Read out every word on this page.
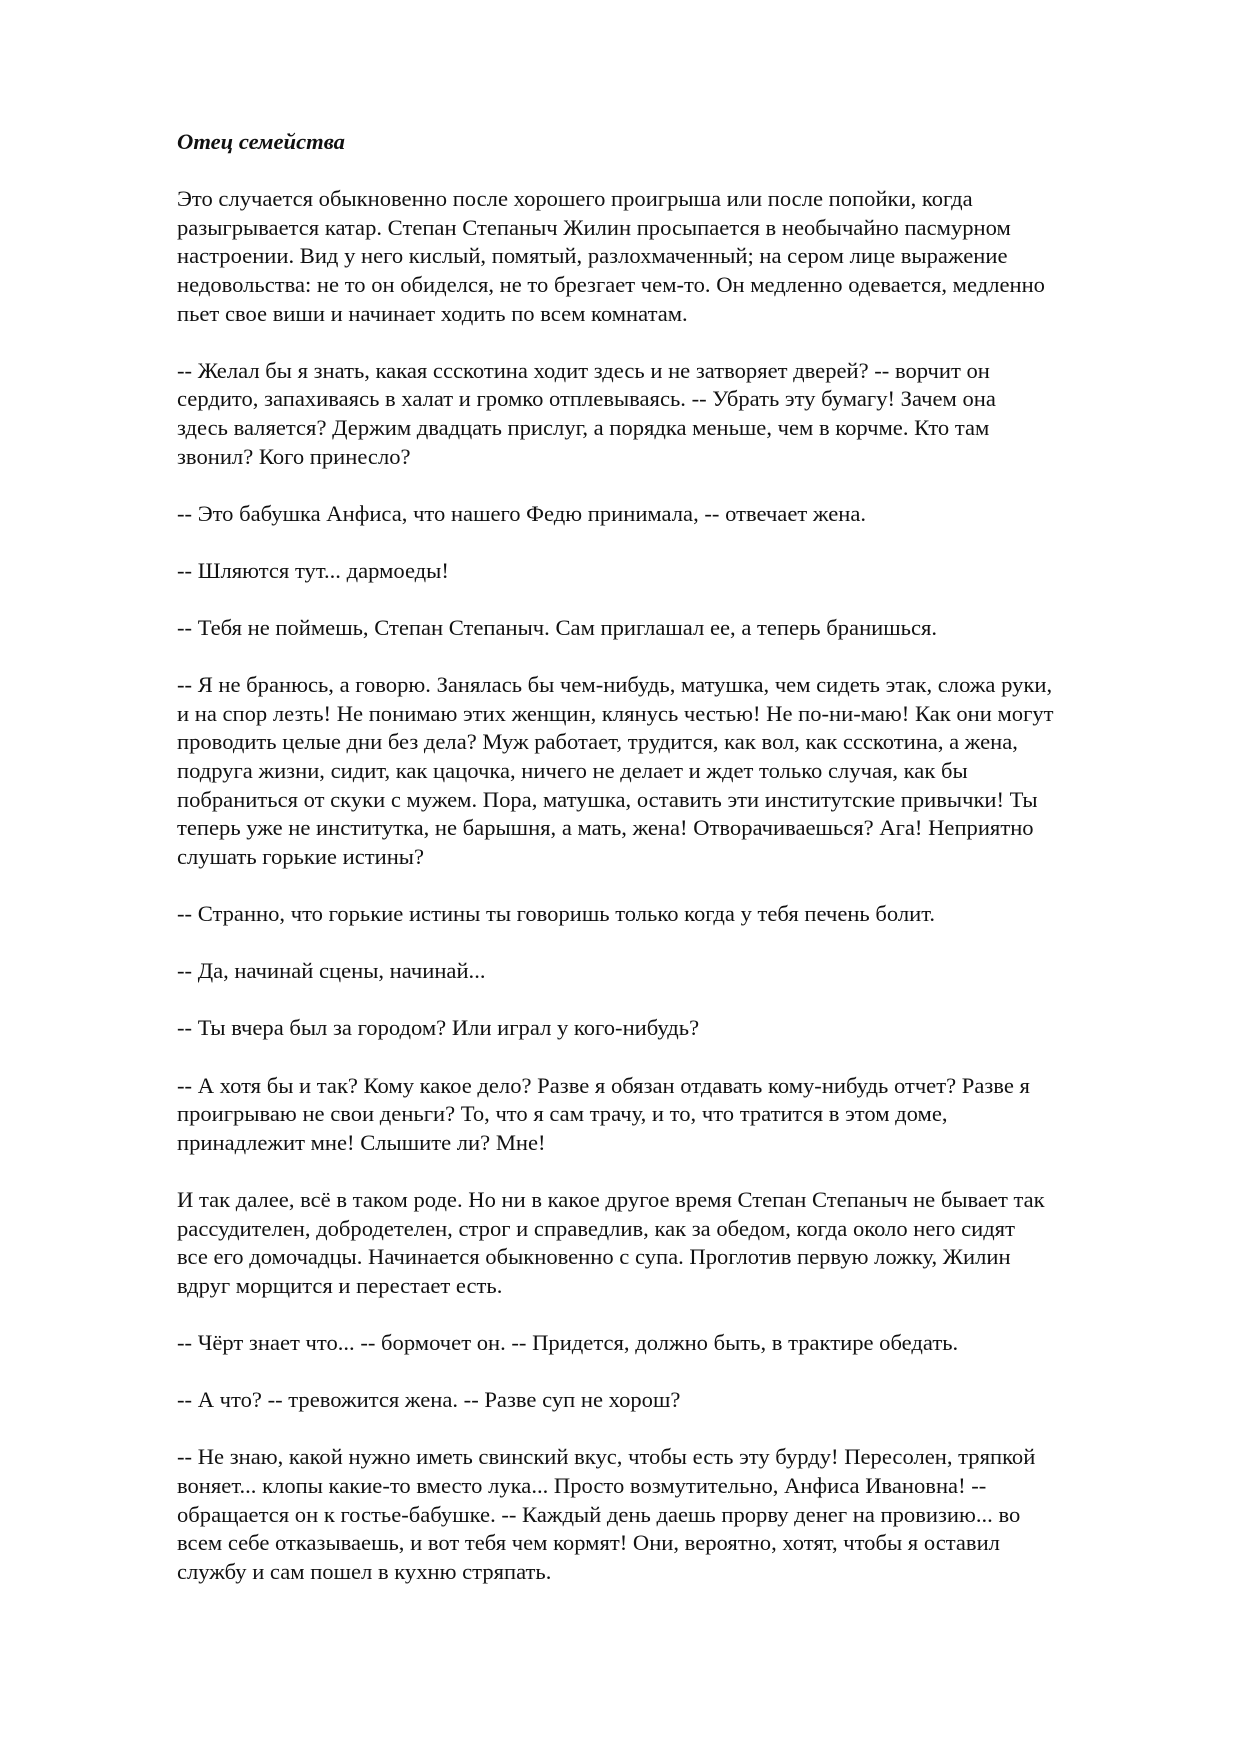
Отец семейства
Это случается обыкновенно после хорошего проигрыша или после попойки, когда
разыгрывается катар. Степан Степаныч Жилин просыпается в необычайно пасмурном
настроении. Вид у него кислый, помятый, разлохмаченный; на сером лице выражение
недовольства: не то он обиделся, не то брезгает чем-то. Он медленно одевается, медленно
пьет свое виши и начинает ходить по всем комнатам.
-- Желал бы я знать, какая ссскотина ходит здесь и не затворяет дверей? -- ворчит он
сердито, запахиваясь в халат и громко отплевываясь. -- Убрать эту бумагу! Зачем она
здесь валяется? Держим двадцать прислуг, а порядка меньше, чем в корчме. Кто там
звонил? Кого принесло?
-- Это бабушка Анфиса, что нашего Федю принимала, -- отвечает жена.
-- Шляются тут... дармоеды!
-- Тебя не поймешь, Степан Степаныч. Сам приглашал ее, а теперь бранишься.
-- Я не бранюсь, а говорю. Занялась бы чем-нибудь, матушка, чем сидеть этак, сложа руки,
и на спор лезть! Не понимаю этих женщин, клянусь честью! Не по-ни-маю! Как они могут
проводить целые дни без дела? Муж работает, трудится, как вол, как ссскотина, а жена,
подруга жизни, сидит, как цацочка, ничего не делает и ждет только случая, как бы
побраниться от скуки с мужем. Пора, матушка, оставить эти институтские привычки! Ты
теперь уже не институтка, не барышня, а мать, жена! Отворачиваешься? Ага! Неприятно
слушать горькие истины?
-- Странно, что горькие истины ты говоришь только когда у тебя печень болит.
-- Да, начинай сцены, начинай...
-- Ты вчера был за городом? Или играл у кого-нибудь?
-- А хотя бы и так? Кому какое дело? Разве я обязан отдавать кому-нибудь отчет? Разве я
проигрываю не свои деньги? То, что я сам трачу, и то, что тратится в этом доме,
принадлежит мне! Слышите ли? Мне!
И так далее, всё в таком роде. Но ни в какое другое время Степан Степаныч не бывает так
рассудителен, добродетелен, строг и справедлив, как за обедом, когда около него сидят
все его домочадцы. Начинается обыкновенно с супа. Проглотив первую ложку, Жилин
вдруг морщится и перестает есть.
-- Чёрт знает что... -- бормочет он. -- Придется, должно быть, в трактире обедать.
-- А что? -- тревожится жена. -- Разве суп не хорош?
-- Не знаю, какой нужно иметь свинский вкус, чтобы есть эту бурду! Пересолен, тряпкой
воняет... клопы какие-то вместо лука... Просто возмутительно, Анфиса Ивановна! --
обращается он к гостье-бабушке. -- Каждый день даешь прорву денег на провизию... во
всем себе отказываешь, и вот тебя чем кормят! Они, вероятно, хотят, чтобы я оставил
службу и сам пошел в кухню стряпать.
